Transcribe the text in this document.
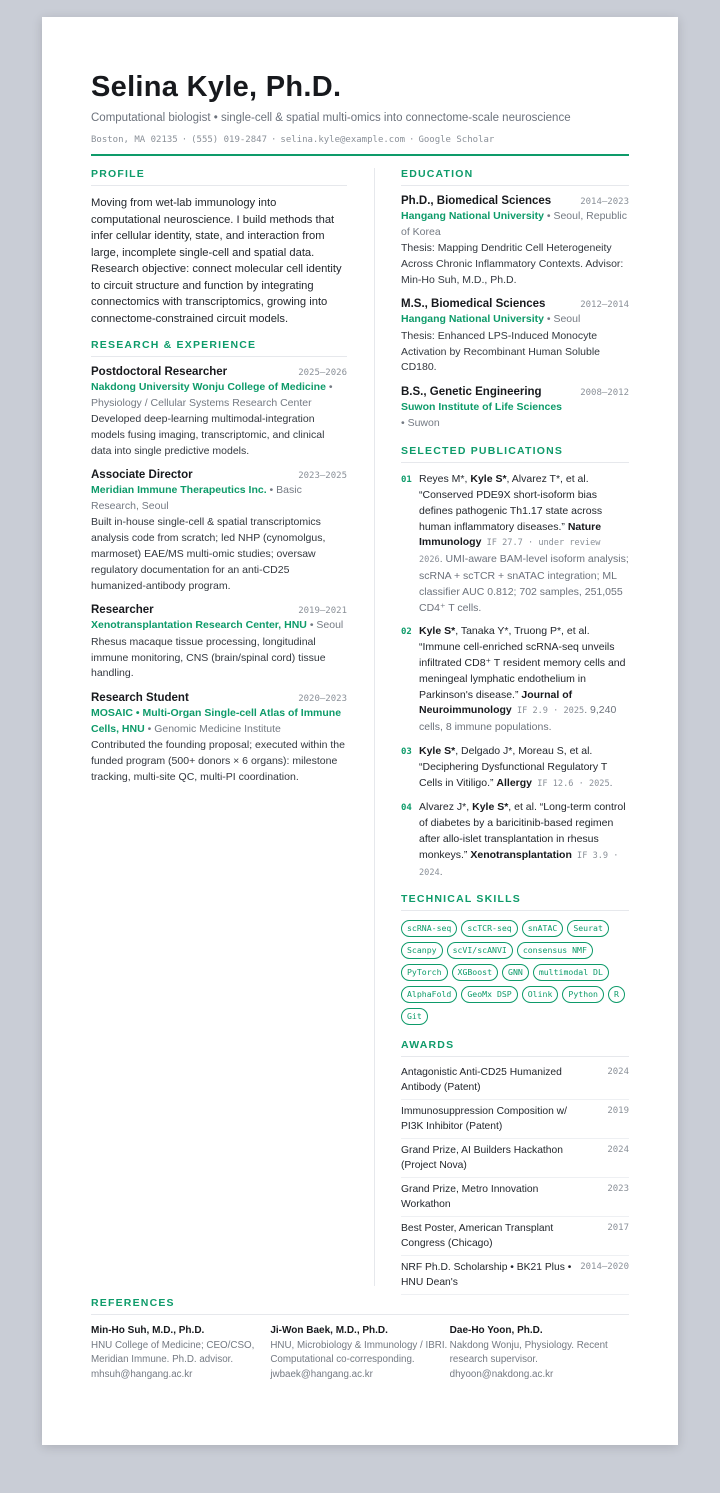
Selina Kyle, Ph.D.
Computational biologist • single-cell & spatial multi-omics into connectome-scale neuroscience
Boston, MA 02135 · (555) 019-2847 · selina.kyle@example.com · Google Scholar
PROFILE
Moving from wet-lab immunology into computational neuroscience. I build methods that infer cellular identity, state, and interaction from large, incomplete single-cell and spatial data. Research objective: connect molecular cell identity to circuit structure and function by integrating connectomics with transcriptomics, growing into connectome-constrained circuit models.
RESEARCH & EXPERIENCE
Postdoctoral Researcher	2025–2026
Nakdong University Wonju College of Medicine • Physiology / Cellular Systems Research Center
Developed deep-learning multimodal-integration models fusing imaging, transcriptomic, and clinical data into single predictive models.
Associate Director	2023–2025
Meridian Immune Therapeutics Inc. • Basic Research, Seoul
Built in-house single-cell & spatial transcriptomics analysis code from scratch; led NHP (cynomolgus, marmoset) EAE/MS multi-omic studies; oversaw regulatory documentation for an anti-CD25 humanized-antibody program.
Researcher	2019–2021
Xenotransplantation Research Center, HNU • Seoul
Rhesus macaque tissue processing, longitudinal immune monitoring, CNS (brain/spinal cord) tissue handling.
Research Student	2020–2023
MOSAIC • Multi-Organ Single-cell Atlas of Immune Cells, HNU • Genomic Medicine Institute
Contributed the founding proposal; executed within the funded program (500+ donors × 6 organs): milestone tracking, multi-site QC, multi-PI coordination.
EDUCATION
Ph.D., Biomedical Sciences	2014–2023
Hangang National University • Seoul, Republic of Korea
Thesis: Mapping Dendritic Cell Heterogeneity Across Chronic Inflammatory Contexts. Advisor: Min-Ho Suh, M.D., Ph.D.
M.S., Biomedical Sciences	2012–2014
Hangang National University • Seoul
Thesis: Enhanced LPS-Induced Monocyte Activation by Recombinant Human Soluble CD180.
B.S., Genetic Engineering	2008–2012
Suwon Institute of Life Sciences
• Suwon
SELECTED PUBLICATIONS
01 Reyes M*, Kyle S*, Alvarez T*, et al. “Conserved PDE9X short-isoform bias defines pathogenic Th1.17 state across human inflammatory diseases.” Nature Immunology IF 27.7 · under review 2026. UMI-aware BAM-level isoform analysis; scRNA + scTCR + snATAC integration; ML classifier AUC 0.812; 702 samples, 251,055 CD4⁺ T cells.
02 Kyle S*, Tanaka Y*, Truong P*, et al. “Immune cell-enriched scRNA-seq unveils infiltrated CD8⁺ T resident memory cells and meningeal lymphatic endothelium in Parkinson's disease.” Journal of Neuroimmunology IF 2.9 · 2025. 9,240 cells, 8 immune populations.
03 Kyle S*, Delgado J*, Moreau S, et al. “Deciphering Dysfunctional Regulatory T Cells in Vitiligo.” Allergy IF 12.6 · 2025.
04 Alvarez J*, Kyle S*, et al. “Long-term control of diabetes by a baricitinib-based regimen after allo-islet transplantation in rhesus monkeys.” Xenotransplantation IF 3.9 · 2024.
TECHNICAL SKILLS
scRNA-seq	scTCR-seq	snATAC	Seurat
Scanpy	scVI/scANVI	consensus NMF
PyTorch	XGBoost	GNN	multimodal DL
AlphaFold	GeoMx DSP	Olink	Python	R
Git
AWARDS
Antagonistic Anti-CD25 Humanized Antibody (Patent)
2024
Immunosuppression Composition w/ PI3K Inhibitor (Patent)
2019
Grand Prize, AI Builders Hackathon (Project Nova)
2024
Grand Prize, Metro Innovation Workathon
2023
Best Poster, American Transplant Congress (Chicago)
2017
NRF Ph.D. Scholarship • BK21 Plus • HNU Dean's
2014–2020
REFERENCES
Min-Ho Suh, M.D., Ph.D.
HNU College of Medicine; CEO/CSO, Meridian Immune. Ph.D. advisor.
mhsuh@hangang.ac.kr
Ji-Won Baek, M.D., Ph.D.
HNU, Microbiology & Immunology / IBRI. Computational co-corresponding.
jwbaek@hangang.ac.kr
Dae-Ho Yoon, Ph.D.
Nakdong Wonju, Physiology. Recent research supervisor.
dhyoon@nakdong.ac.kr
